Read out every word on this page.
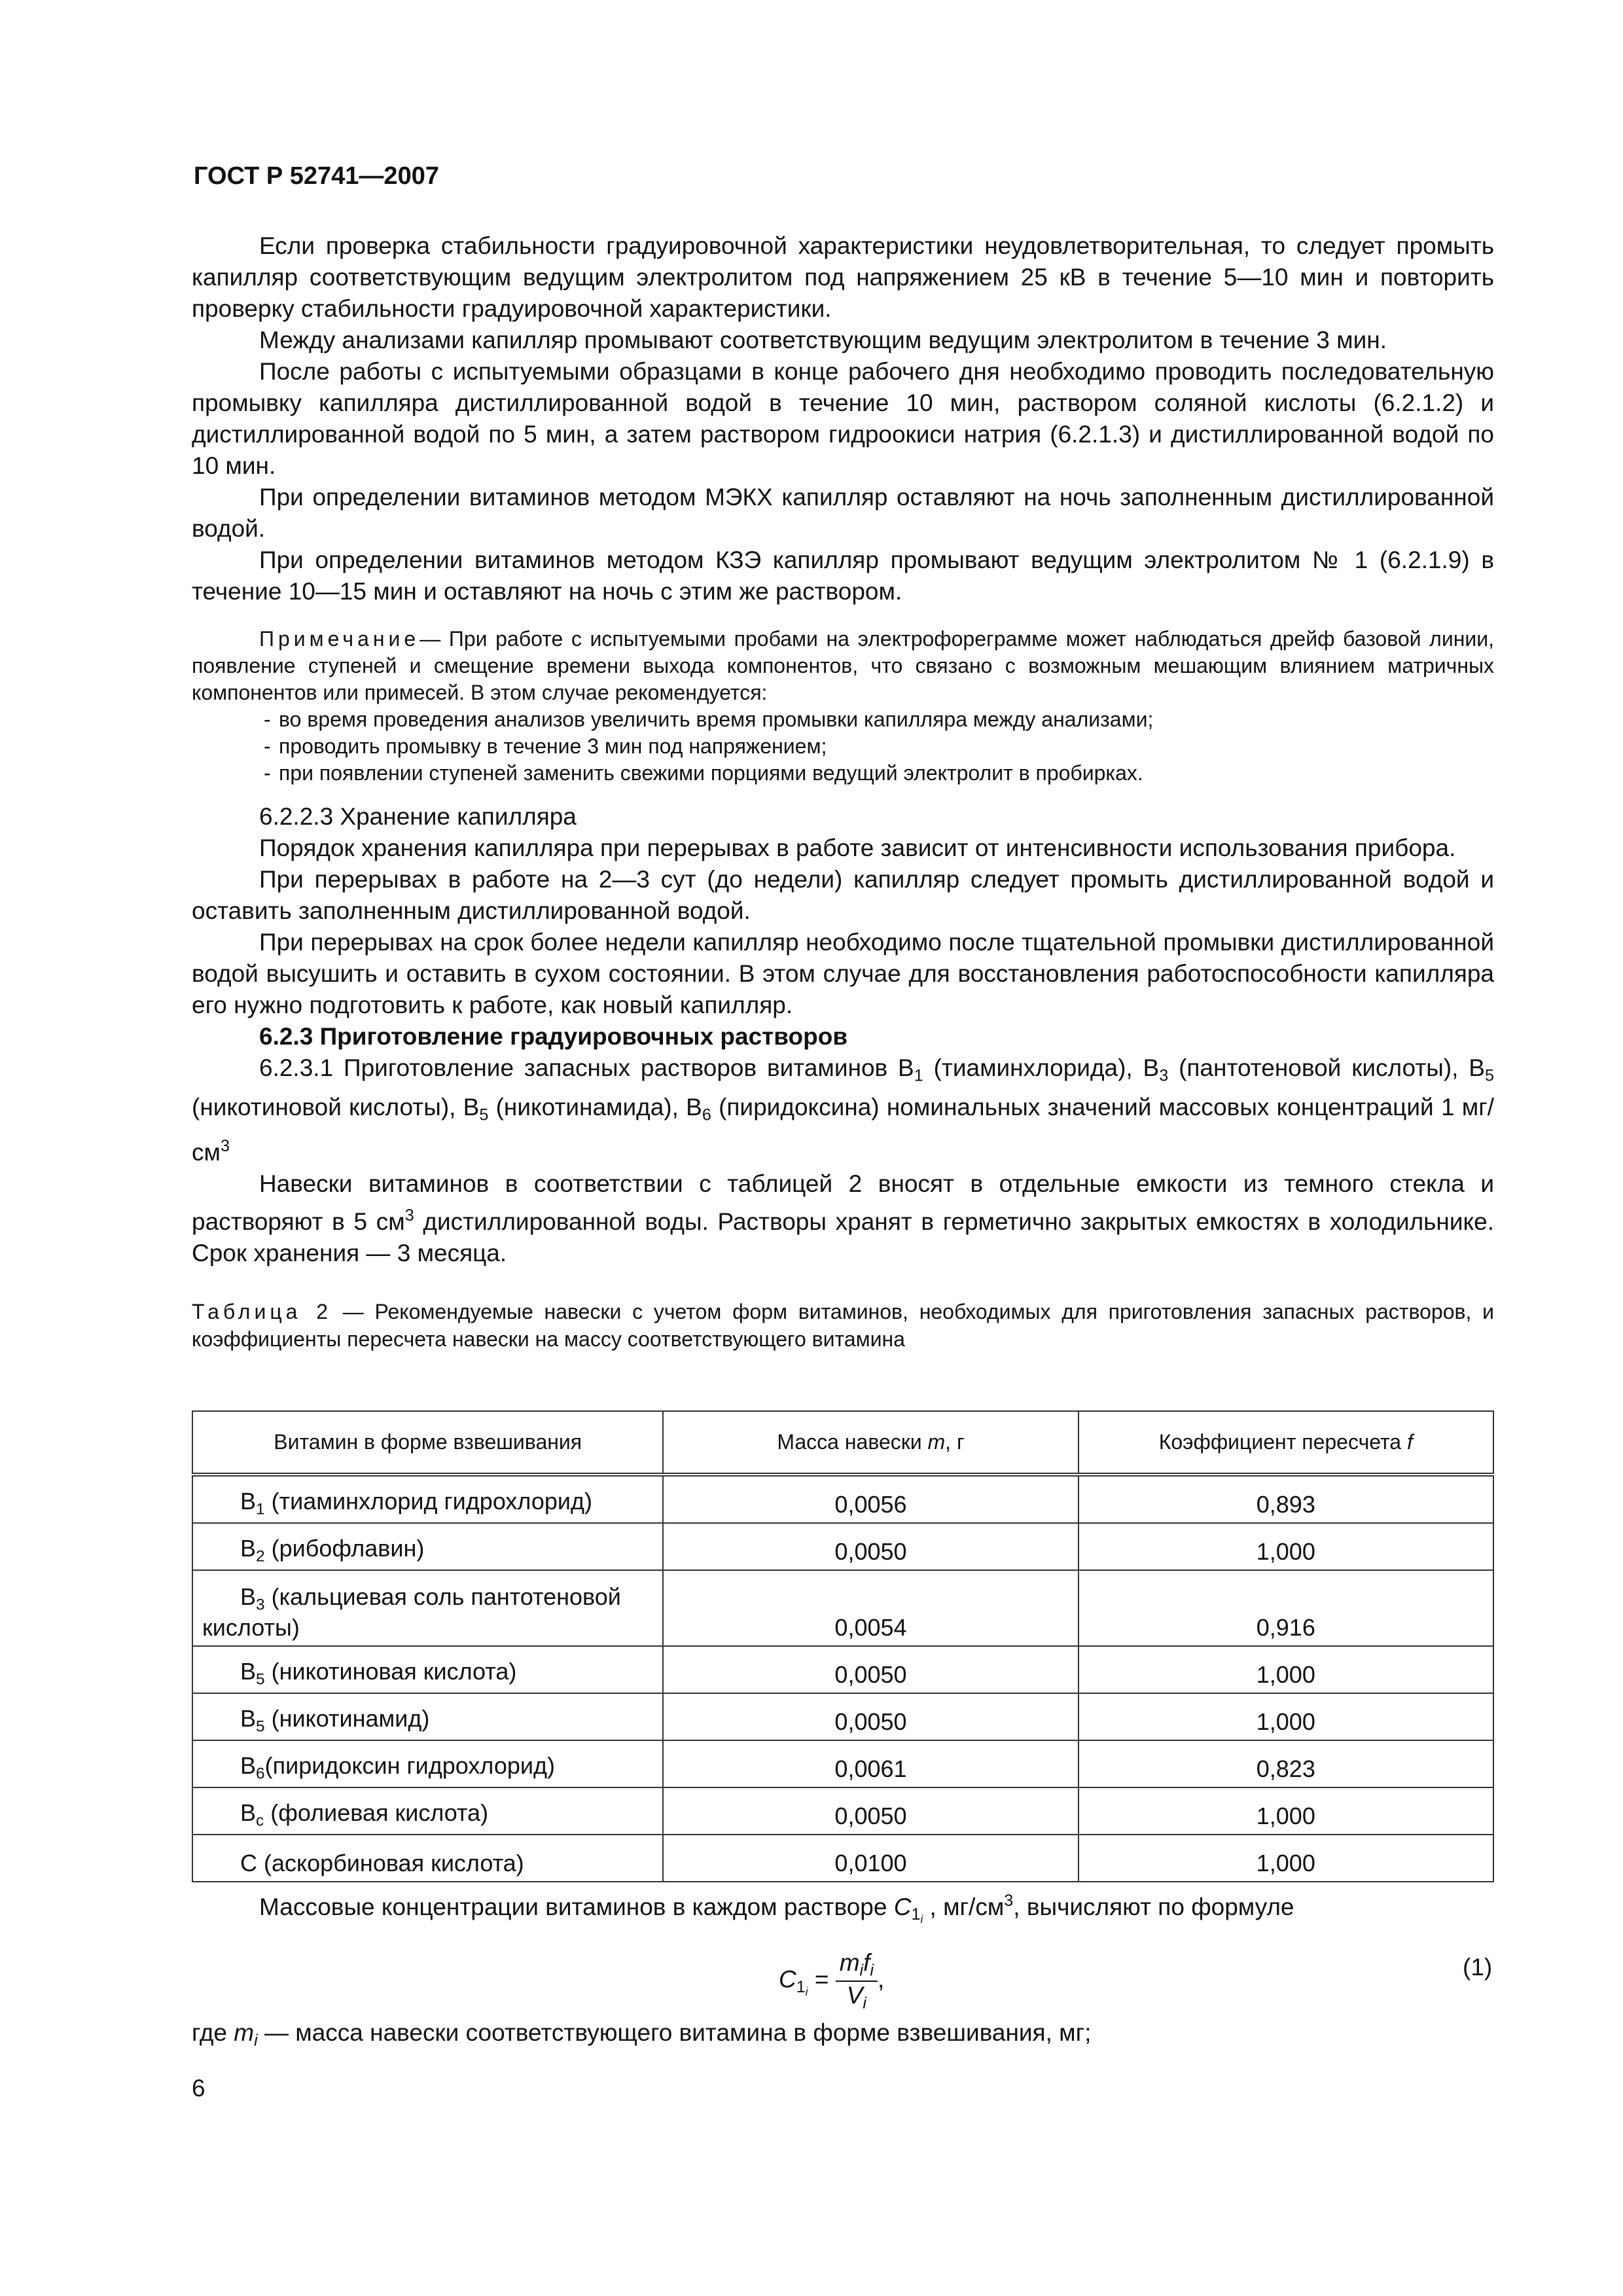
ГОСТ Р 52741—2007

Если проверка стабильности градуировочной характеристики неудовлетворительная, то следует промыть капилляр соответствующим ведущим электролитом под напряжением 25 кВ в течение 5—10 мин и повторить проверку стабильности градуировочной характеристики.

Между анализами капилляр промывают соответствующим ведущим электролитом в течение 3 мин.

После работы с испытуемыми образцами в конце рабочего дня необходимо проводить последовательную промывку капилляра дистиллированной водой в течение 10 мин, раствором соляной кислоты (6.2.1.2) и дистиллированной водой по 5 мин, а затем раствором гидроокиси натрия (6.2.1.3) и дистиллированной водой по 10 мин.

При определении витаминов методом МЭКХ капилляр оставляют на ночь заполненным дистиллированной водой.

При определении витаминов методом КЗЭ капилляр промывают ведущим электролитом № 1 (6.2.1.9) в течение 10—15 мин и оставляют на ночь с этим же раствором.

Примечание— При работе с испытуемыми пробами на электрофореграмме может наблюдаться дрейф базовой линии, появление ступеней и смещение времени выхода компонентов, что связано с возможным мешающим влиянием матричных компонентов или примесей. В этом случае рекомендуется:

- во время проведения анализов увеличить время промывки капилляра между анализами;

- проводить промывку в течение 3 мин под напряжением;

- при появлении ступеней заменить свежими порциями ведущий электролит в пробирках.

6.2.2.3 Хранение капилляра

Порядок хранения капилляра при перерывах в работе зависит от интенсивности использования прибора.

При перерывах в работе на 2—3 сут (до недели) капилляр следует промыть дистиллированной водой и оставить заполненным дистиллированной водой.

При перерывах на срок более недели капилляр необходимо после тщательной промывки дистиллированной водой высушить и оставить в сухом состоянии. В этом случае для восстановления работоспособности капилляра его нужно подготовить к работе, как новый капилляр.

6.2.3 Приготовление градуировочных растворов

6.2.3.1 Приготовление запасных растворов витаминов $B_1$ (тиаминхлорида), $B_3$ (пантотеновой кислоты), $B_5$ (никотиновой кислоты), $B_5$ (никотинамида), $B_6$ (пиридоксина) номинальных значений массовых концентраций 1 $мг/см^3$

Навески витаминов в соответствии с таблицей 2 вносят в отдельные емкости из темного стекла и растворяют в 5 $см^3$ дистиллированной воды. Растворы хранят в герметично закрытых емкостях в холодильнике. Срок хранения — 3 месяца.

Таблица 2 — Рекомендуемые навески с учетом форм витаминов, необходимых для приготовления запасных растворов, и коэффициенты пересчета навески на массу соответствующего витамина

Витамин в форме взвешивания	Масса навески m, г	Коэффициент пересчета f
$B_1$ (тиаминхлорид гидрохлорид)	0,0056	0,893
$B_2$ (рибофлавин)	0,0050	1,000

$B_3$ (кальциевая соль пантотеновой
кислоты)	0,0054	0,916
$B_5$ (никотиновая кислота)	0,0050	1,000
$B_5$ (никотинамид)	0,0050	1,000
$B_6(пиридоксин$ гидрохлорид)	0,0061	0,823
$B_c$ (фолиевая кислота)	0,0050	1,000
C (аскорбиновая кислота)	0,0100	1,000

Массовые концентрации витаминов в каждом растворе $C_{1_i}$ , $мг/см^3$, вычисляют по формуле

$C_{1_i} = \frac{m_if_i}{V_i}$ ,	(1)
где $m_i$ — масса навески соответствующего витамина в форме взвешивания, мг;
6
